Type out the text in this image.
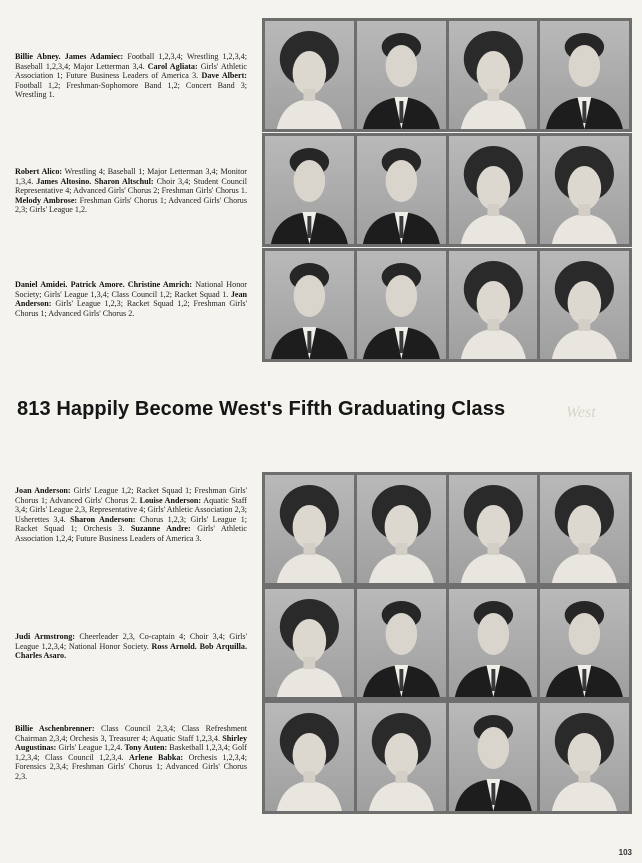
813 Happily Become West's Fifth Graduating Class	West
Billie Abney. James Adamiec: Football 1,2,3,4; Wrestling 1,2,3,4; Baseball 1,2,3,4; Major Letterman 3,4. Carol Agliata: Girls' Athletic Association 1; Future Business Leaders of America 3. Dave Albert: Football 1,2; Freshman-Sophomore Band 1,2; Concert Band 3; Wrestling 1.
Robert Alico: Wrestling 4; Baseball 1; Major Letterman 3,4; Monitor 1,3,4. James Altosino. Sharon Altschul: Choir 3,4; Student Council Representative 4; Advanced Girls' Chorus 2; Freshman Girls' Chorus 1. Melody Ambrose: Freshman Girls' Chorus 1; Advanced Girls' Chorus 2,3; Girls' League 1,2.
Daniel Amidei. Patrick Amore. Christine Amrich: National Honor Society; Girls' League 1,3,4; Class Council 1,2; Racket Squad 1. Jean Anderson: Girls' League 1,2,3; Racket Squad 1,2; Freshman Girls' Chorus 1; Advanced Girls' Chorus 2.
Joan Anderson: Girls' League 1,2; Racket Squad 1; Freshman Girls' Chorus 1; Advanced Girls' Chorus 2. Louise Anderson: Aquatic Staff 3,4; Girls' League 2,3, Representative 4; Girls' Athletic Association 2,3; Usherettes 3,4. Sharon Anderson: Chorus 1,2,3; Girls' League 1; Racket Squad 1; Orchesis 3. Suzanne Andre: Girls' Athletic Association 1,2,4; Future Business Leaders of America 3.
Judi Armstrong: Cheerleader 2,3, Co-captain 4; Choir 3,4; Girls' League 1,2,3,4; National Honor Society. Ross Arnold. Bob Arquilla. Charles Asaro.
Billie Aschenbrenner: Class Council 2,3,4; Class Refreshment Chairman 2,3,4; Orchesis 3, Treasurer 4; Aquatic Staff 1,2,3,4. Shirley Augustinas: Girls' League 1,2,4. Tony Auten: Basketball 1,2,3,4; Golf 1,2,3,4; Class Council 1,2,3,4. Arlene Babka: Orchesis 1,2,3,4; Forensics 2,3,4; Freshman Girls' Chorus 1; Advanced Girls' Chorus 2,3.
103
